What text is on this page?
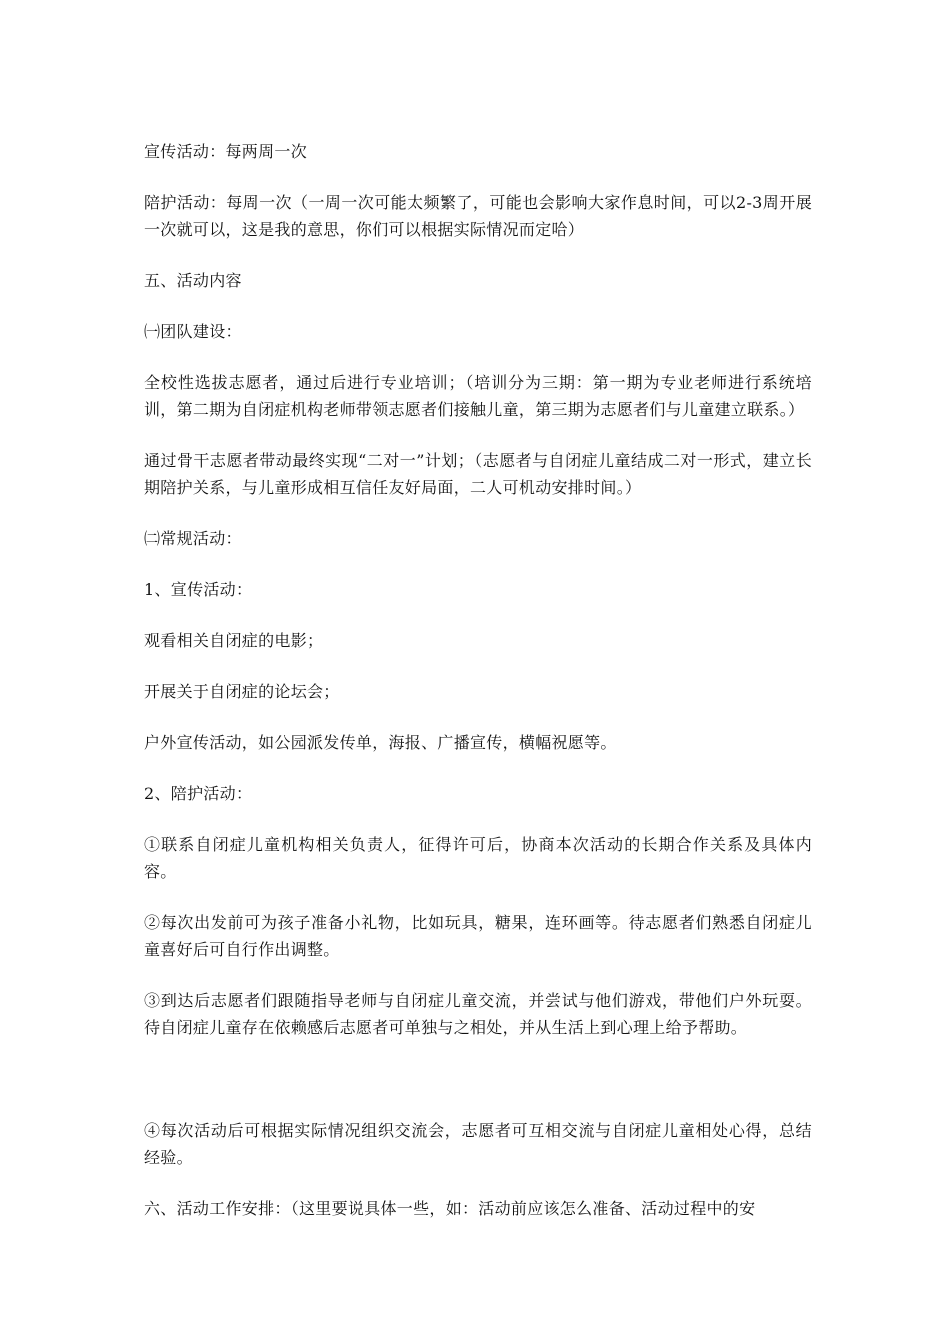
宣传活动：每两周一次

陪护活动：每周一次（一周一次可能太频繁了，可能也会影响大家作息时间，可以2-3周开展一次就可以，这是我的意思，你们可以根据实际情况而定哈）

五、活动内容

㈠团队建设：

全校性选拔志愿者，通过后进行专业培训；（培训分为三期：第一期为专业老师进行系统培训，第二期为自闭症机构老师带领志愿者们接触儿童，第三期为志愿者们与儿童建立联系。）

通过骨干志愿者带动最终实现“二对一”计划；（志愿者与自闭症儿童结成二对一形式，建立长期陪护关系，与儿童形成相互信任友好局面，二人可机动安排时间。）

㈡常规活动：

1、宣传活动：

观看相关自闭症的电影；

开展关于自闭症的论坛会；

户外宣传活动，如公园派发传单，海报、广播宣传，横幅祝愿等。

2、陪护活动：

①联系自闭症儿童机构相关负责人，征得许可后，协商本次活动的长期合作关系及具体内容。

②每次出发前可为孩子准备小礼物，比如玩具，糖果，连环画等。待志愿者们熟悉自闭症儿童喜好后可自行作出调整。

③到达后志愿者们跟随指导老师与自闭症儿童交流，并尝试与他们游戏，带他们户外玩耍。待自闭症儿童存在依赖感后志愿者可单独与之相处，并从生活上到心理上给予帮助。

④每次活动后可根据实际情况组织交流会，志愿者可互相交流与自闭症儿童相处心得，总结经验。

六、活动工作安排：（这里要说具体一些，如：活动前应该怎么准备、活动过程中的安
